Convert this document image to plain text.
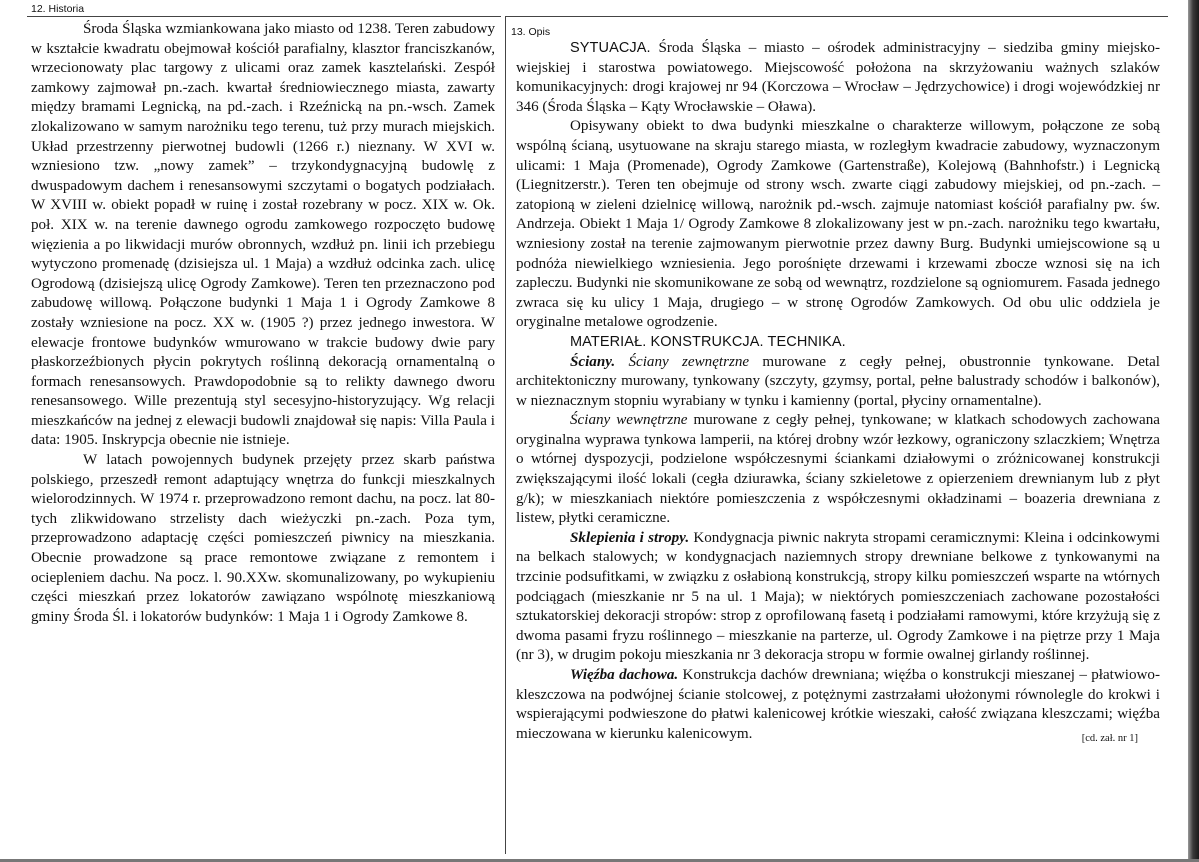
12. Historia

Środa Śląska wzmiankowana jako miasto od 1238. Teren zabudowy w kształcie kwadratu obejmował kościół parafialny, klasztor franciszkanów, wrzecionowaty plac targowy z ulicami oraz zamek kasztelański. Zespół zamkowy zajmował pn.-zach. kwartał średniowiecznego miasta, zawarty między bramami Legnicką, na pd.-zach. i Rzeźnicką na pn.-wsch. Zamek zlokalizowano w samym narożniku tego terenu, tuż przy murach miejskich. Układ przestrzenny pierwotnej budowli (1266 r.) nieznany. W XVI w. wzniesiono tzw. „nowy zamek” – trzykondygnacyjną budowlę z dwuspadowym dachem i renesansowymi szczytami o bogatych podziałach. W XVIII w. obiekt popadł w ruinę i został rozebrany w pocz. XIX w. Ok. poł. XIX w. na terenie dawnego ogrodu zamkowego rozpoczęto budowę więzienia a po likwidacji murów obronnych, wzdłuż pn. linii ich przebiegu wytyczono promenadę (dzisiejsza ul. 1 Maja) a wzdłuż odcinka zach. ulicę Ogrodową (dzisiejszą ulicę Ogrody Zamkowe). Teren ten przeznaczono pod zabudowę willową. Połączone budynki 1 Maja 1 i Ogrody Zamkowe 8 zostały wzniesione na pocz. XX w. (1905 ?) przez jednego inwestora. W elewacje frontowe budynków wmurowano w trakcie budowy dwie pary płaskorzeźbionych płycin pokrytych roślinną dekoracją ornamentalną o formach renesansowych. Prawdopodobnie są to relikty dawnego dworu renesansowego. Wille prezentują styl secesyjno-historyzujący. Wg relacji mieszkańców na jednej z elewacji budowli znajdował się napis: Villa Paula i data: 1905. Inskrypcja obecnie nie istnieje.

W latach powojennych budynek przejęty przez skarb państwa polskiego, przeszedł remont adaptujący wnętrza do funkcji mieszkalnych wielorodzinnych. W 1974 r. przeprowadzono remont dachu, na pocz. lat 80-tych zlikwidowano strzelisty dach wieżyczki pn.-zach. Poza tym, przeprowadzono adaptację części pomieszczeń piwnicy na mieszkania. Obecnie prowadzone są prace remontowe związane z remontem i ociepleniem dachu. Na pocz. l. 90.XXw. skomunalizowany, po wykupieniu części mieszkań przez lokatorów zawiązano wspólnotę mieszkaniową gminy Środa Śl. i lokatorów budynków: 1 Maja 1 i Ogrody Zamkowe 8.

13. Opis

SYTUACJA. Środa Śląska – miasto – ośrodek administracyjny – siedziba gminy miejsko-wiejskiej i starostwa powiatowego. Miejscowość położona na skrzyżowaniu ważnych szlaków komunikacyjnych: drogi krajowej nr 94 (Korczowa – Wrocław – Jędrzychowice) i drogi wojewódzkiej nr 346 (Środa Śląska – Kąty Wrocławskie – Oława).

Opisywany obiekt to dwa budynki mieszkalne o charakterze willowym, połączone ze sobą wspólną ścianą, usytuowane na skraju starego miasta, w rozległym kwadracie zabudowy, wyznaczonym ulicami: 1 Maja (Promenade), Ogrody Zamkowe (Gartenstraße), Kolejową (Bahnhofstr.) i Legnicką (Liegnitzerstr.). Teren ten obejmuje od strony wsch. zwarte ciągi zabudowy miejskiej, od pn.-zach. – zatopioną w zieleni dzielnicę willową, narożnik pd.-wsch. zajmuje natomiast kościół parafialny pw. św. Andrzeja. Obiekt 1 Maja 1/ Ogrody Zamkowe 8 zlokalizowany jest w pn.-zach. narożniku tego kwartału, wzniesiony został na terenie zajmowanym pierwotnie przez dawny Burg. Budynki umiejscowione są u podnóża niewielkiego wzniesienia. Jego porośnięte drzewami i krzewami zbocze wznosi się na ich zapleczu. Budynki nie skomunikowane ze sobą od wewnątrz, rozdzielone są ogniomurem. Fasada jednego zwraca się ku ulicy 1 Maja, drugiego – w stronę Ogrodów Zamkowych. Od obu ulic oddziela je oryginalne metalowe ogrodzenie.

MATERIAŁ. KONSTRUKCJA. TECHNIKA.

Ściany. Ściany zewnętrzne murowane z cegły pełnej, obustronnie tynkowane. Detal architektoniczny murowany, tynkowany (szczyty, gzymsy, portal, pełne balustrady schodów i balkonów), w nieznacznym stopniu wyrabiany w tynku i kamienny (portal, płyciny ornamentalne).

Ściany wewnętrzne murowane z cegły pełnej, tynkowane; w klatkach schodowych zachowana oryginalna wyprawa tynkowa lamperii, na której drobny wzór łezkowy, ograniczony szlaczkiem; Wnętrza o wtórnej dyspozycji, podzielone współczesnymi ściankami działowymi o zróżnicowanej konstrukcji zwiększającymi ilość lokali (cegła dziurawka, ściany szkieletowe z opierzeniem drewnianym lub z płyt g/k); w mieszkaniach niektóre pomieszczenia z współczesnymi okładzinami – boazeria drewniana z listew, płytki ceramiczne.

Sklepienia i stropy. Kondygnacja piwnic nakryta stropami ceramicznymi: Kleina i odcinkowymi na belkach stalowych; w kondygnacjach naziemnych stropy drewniane belkowe z tynkowanymi na trzcinie podsufitkami, w związku z osłabioną konstrukcją, stropy kilku pomieszczeń wsparte na wtórnych podciągach (mieszkanie nr 5 na ul. 1 Maja); w niektórych pomieszczeniach zachowane pozostałości sztukatorskiej dekoracji stropów: strop z oprofilowaną fasetą i podziałami ramowymi, które krzyżują się z dwoma pasami fryzu roślinnego – mieszkanie na parterze, ul. Ogrody Zamkowe i na piętrze przy 1 Maja (nr 3), w drugim pokoju mieszkania nr 3 dekoracja stropu w formie owalnej girlandy roślinnej.

Więźba dachowa. Konstrukcja dachów drewniana; więźba o konstrukcji mieszanej – płatwiowo-kleszczowa na podwójnej ścianie stolcowej, z potężnymi zastrzałami ułożonymi równolegle do krokwi i wspierającymi podwieszone do płatwi kalenicowej krótkie wieszaki, całość związana kleszczami; więźba mieczowana w kierunku kalenicowym.	[cd. zał. nr 1]
